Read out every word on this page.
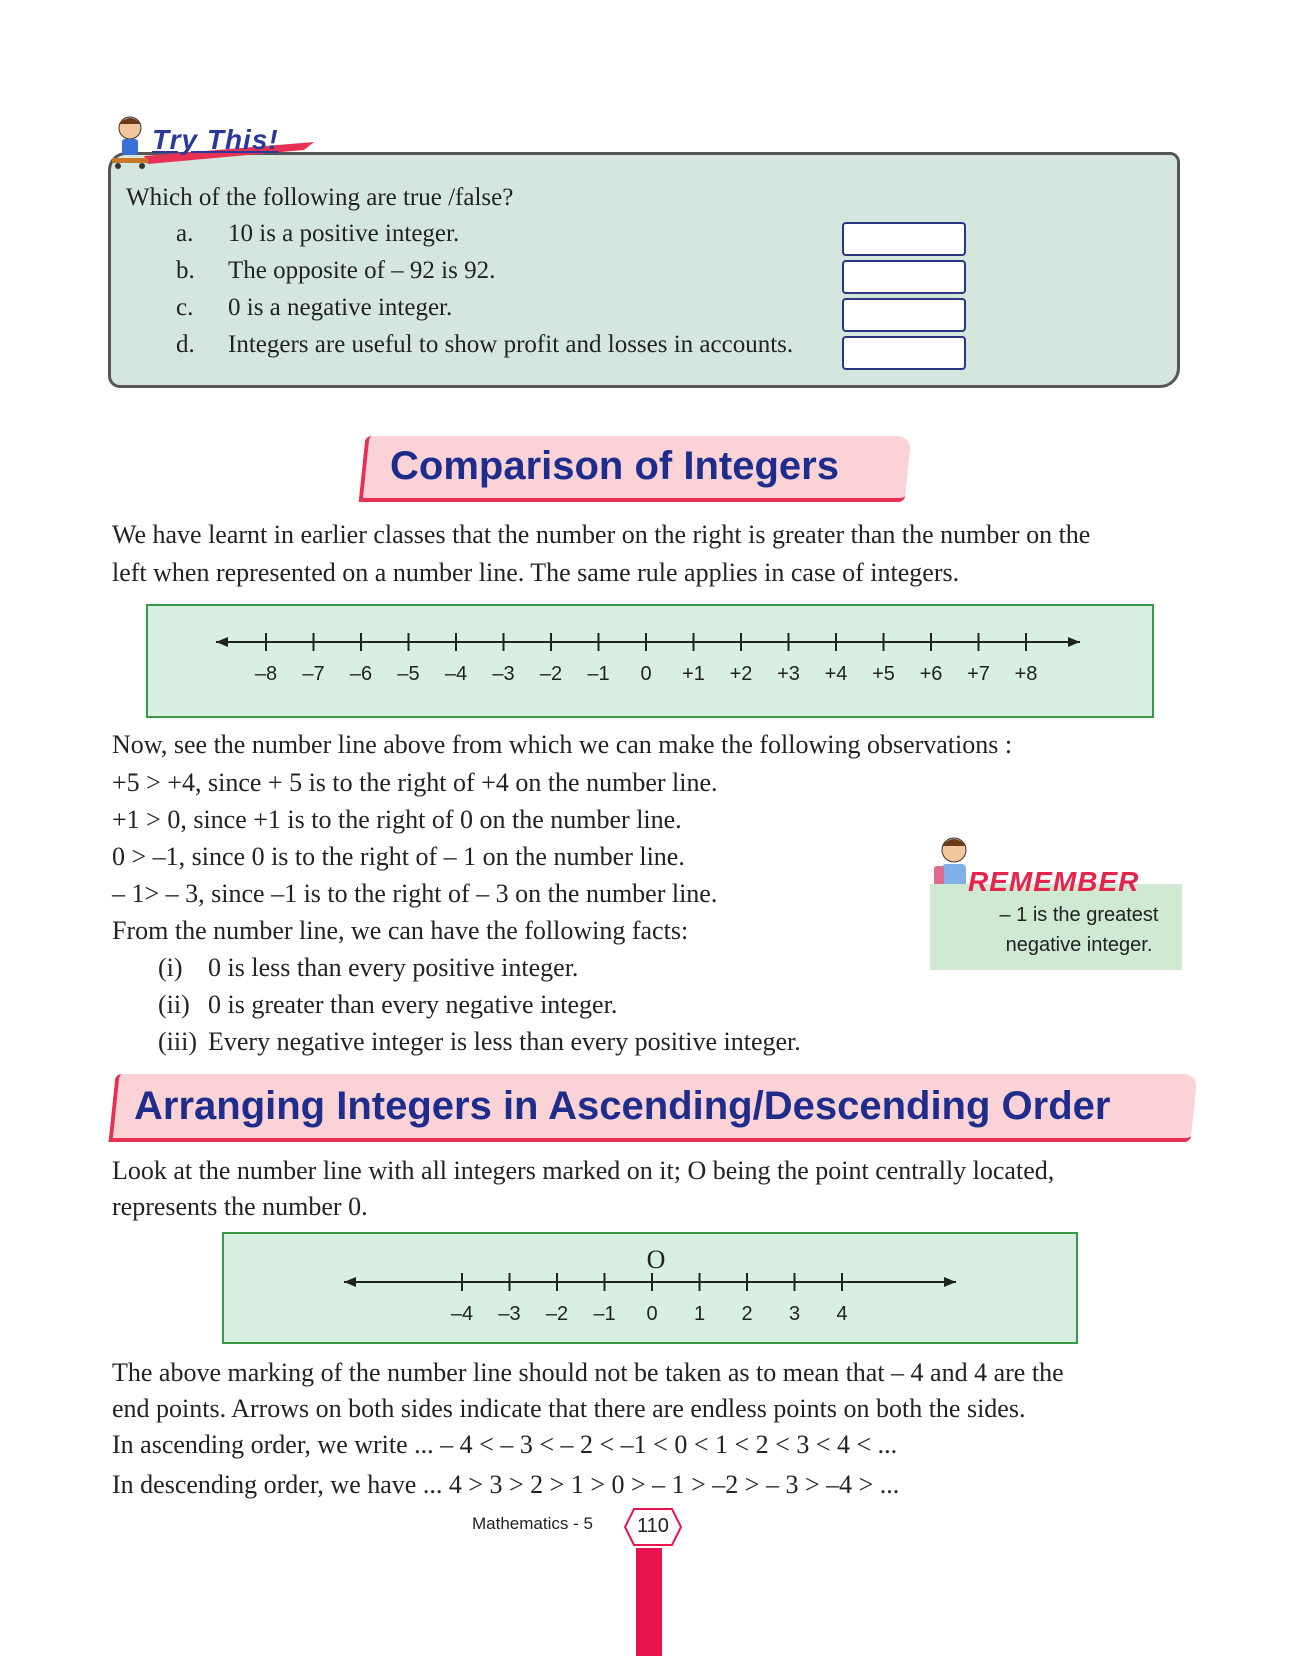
Try This!
Which of the following are true /false?
a. 10 is a positive integer.
b. The opposite of – 92 is 92.
c. 0 is a negative integer.
d. Integers are useful to show profit and losses in accounts.
Comparison of Integers
We have learnt in earlier classes that the number on the right is greater than the number on the
left when represented on a number line. The same rule applies in case of integers.
–8 –7 –6 –5 –4 –3 –2 –1 0 +1 +2 +3 +4 +5 +6 +7 +8
Now, see the number line above from which we can make the following observations :
+5 > +4, since + 5 is to the right of +4 on the number line.
+1 > 0, since +1 is to the right of 0 on the number line.
0 > –1, since 0 is to the right of – 1 on the number line.
– 1> – 3, since –1 is to the right of – 3 on the number line.
From the number line, we can have the following facts:
(i) 0 is less than every positive integer.
(ii) 0 is greater than every negative integer.
(iii) Every negative integer is less than every positive integer.
REMEMBER
– 1 is the greatest negative integer.
Arranging Integers in Ascending/Descending Order
Look at the number line with all integers marked on it; O being the point centrally located,
represents the number 0.
O
–4 –3 –2 –1 0 1 2 3 4
The above marking of the number line should not be taken as to mean that – 4 and 4 are the
end points. Arrows on both sides indicate that there are endless points on both the sides.
In ascending order, we write ... – 4 < – 3 < – 2 < –1 < 0 < 1 < 2 < 3 < 4 < ...
In descending order, we have ... 4 > 3 > 2 > 1 > 0 > – 1 > –2 > – 3 > –4 > ...
Mathematics - 5	110
